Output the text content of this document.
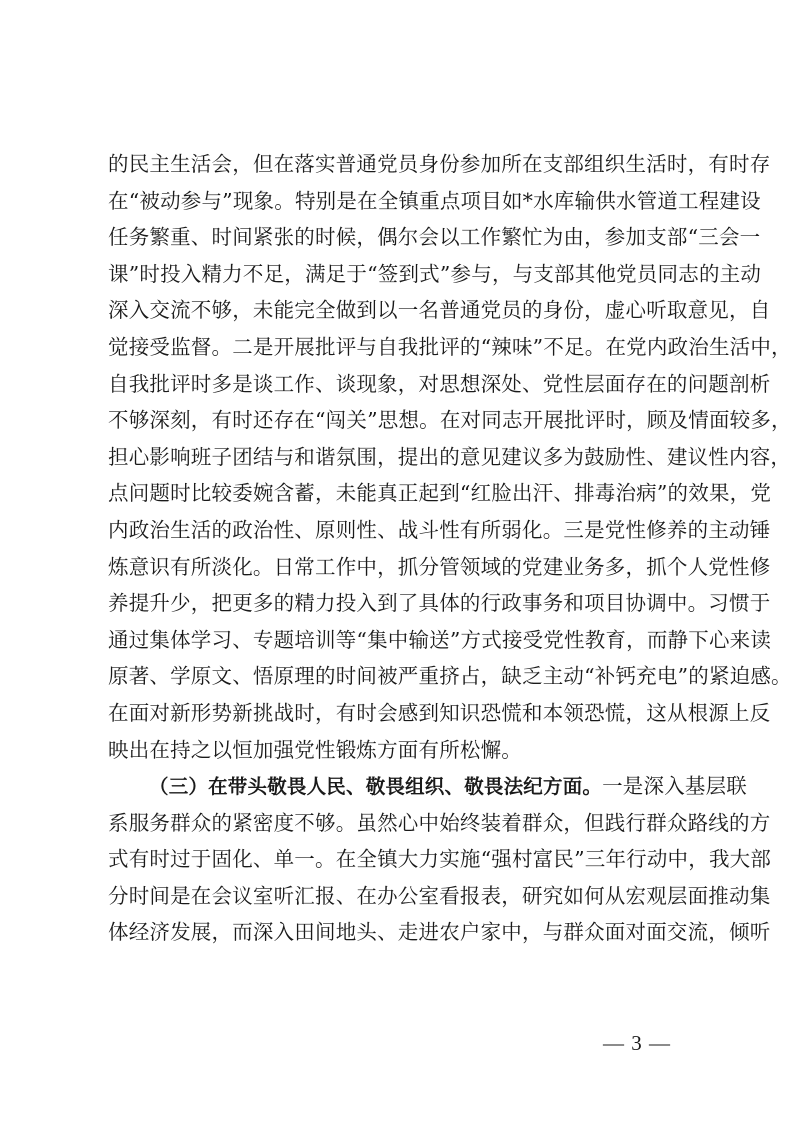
的民主生活会，但在落实普通党员身份参加所在支部组织生活时，有时存
在“被动参与”现象。特别是在全镇重点项目如*水库输供水管道工程建设
任务繁重、时间紧张的时候，偶尔会以工作繁忙为由，参加支部“三会一
课”时投入精力不足，满足于“签到式”参与，与支部其他党员同志的主动
深入交流不够，未能完全做到以一名普通党员的身份，虚心听取意见，自
觉接受监督。二是开展批评与自我批评的“辣味”不足。在党内政治生活中，
自我批评时多是谈工作、谈现象，对思想深处、党性层面存在的问题剖析
不够深刻，有时还存在“闯关”思想。在对同志开展批评时，顾及情面较多，
担心影响班子团结与和谐氛围，提出的意见建议多为鼓励性、建议性内容，
点问题时比较委婉含蓄，未能真正起到“红脸出汗、排毒治病”的效果，党
内政治生活的政治性、原则性、战斗性有所弱化。三是党性修养的主动锤
炼意识有所淡化。日常工作中，抓分管领域的党建业务多，抓个人党性修
养提升少，把更多的精力投入到了具体的行政事务和项目协调中。习惯于
通过集体学习、专题培训等“集中输送”方式接受党性教育，而静下心来读
原著、学原文、悟原理的时间被严重挤占，缺乏主动“补钙充电”的紧迫感。
在面对新形势新挑战时，有时会感到知识恐慌和本领恐慌，这从根源上反
映出在持之以恒加强党性锻炼方面有所松懈。
（三）在带头敬畏人民、敬畏组织、敬畏法纪方面。一是深入基层联
系服务群众的紧密度不够。虽然心中始终装着群众，但践行群众路线的方
式有时过于固化、单一。在全镇大力实施“强村富民”三年行动中，我大部
分时间是在会议室听汇报、在办公室看报表，研究如何从宏观层面推动集
体经济发展，而深入田间地头、走进农户家中，与群众面对面交流，倾听
— 3 —
